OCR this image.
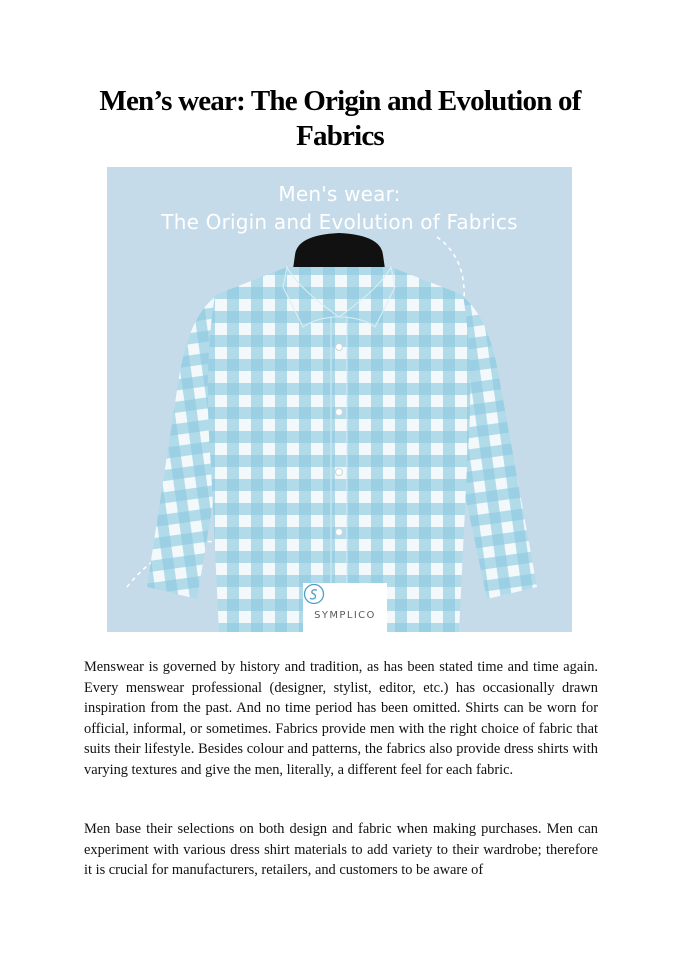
Men’s wear: The Origin and Evolution of Fabrics
Men's wear:
The Origin and Evolution of Fabrics
SYMPLICO

Menswear is governed by history and tradition, as has been stated time and time again. Every menswear professional (designer, stylist, editor, etc.) has occasionally drawn inspiration from the past. And no time period has been omitted. Shirts can be worn for official, informal, or sometimes. Fabrics provide men with the right choice of fabric that suits their lifestyle. Besides colour and patterns, the fabrics also provide dress shirts with varying textures and give the men, literally, a different feel for each fabric.

Men base their selections on both design and fabric when making purchases. Men can experiment with various dress shirt materials to add variety to their wardrobe; therefore it is crucial for manufacturers, retailers, and customers to be aware of
